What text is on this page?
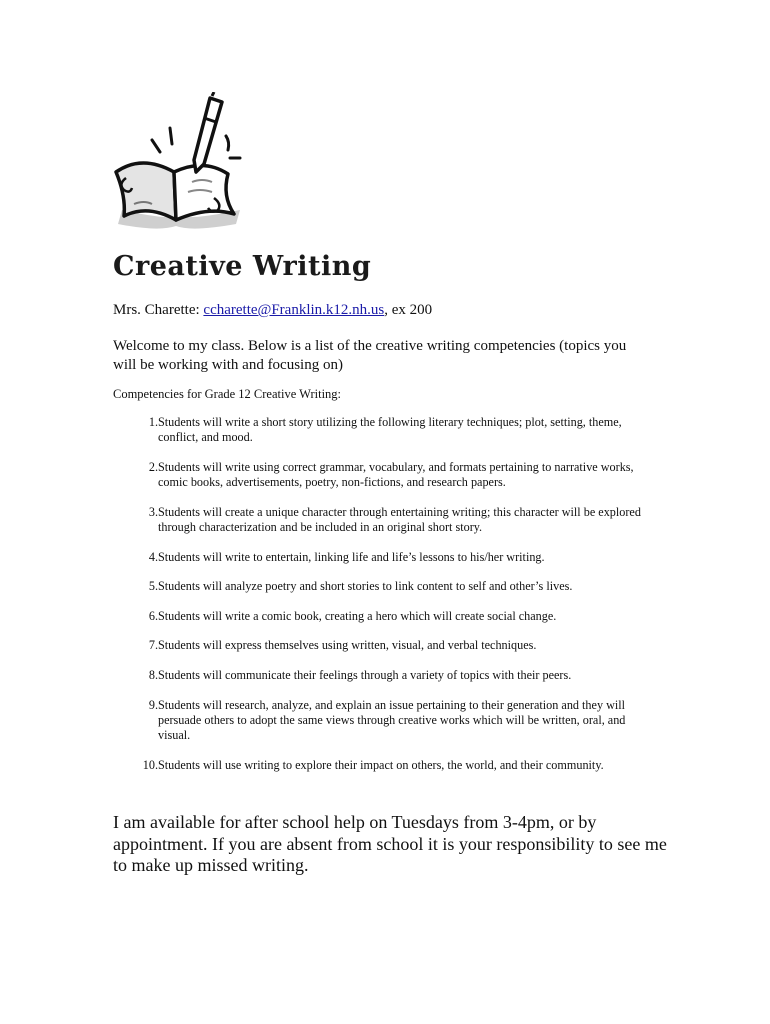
Creative Writing
Mrs. Charette: ccharette@Franklin.k12.nh.us, ex 200

Welcome to my class. Below is a list of the creative writing competencies (topics you will be working with and focusing on)

Competencies for Grade 12 Creative Writing:
1. Students will write a short story utilizing the following literary techniques; plot, setting, theme, conflict, and mood.
2. Students will write using correct grammar, vocabulary, and formats pertaining to narrative works, comic books, advertisements, poetry, non-fictions, and research papers.
3. Students will create a unique character through entertaining writing; this character will be explored through characterization and be included in an original short story.
4. Students will write to entertain, linking life and life’s lessons to his/her writing.
5. Students will analyze poetry and short stories to link content to self and other’s lives.
6. Students will write a comic book, creating a hero which will create social change.
7. Students will express themselves using written, visual, and verbal techniques.
8. Students will communicate their feelings through a variety of topics with their peers.
9. Students will research, analyze, and explain an issue pertaining to their generation and they will persuade others to adopt the same views through creative works which will be written, oral, and visual.
10. Students will use writing to explore their impact on others, the world, and their community.

I am available for after school help on Tuesdays from 3-4pm, or by appointment. If you are absent from school it is your responsibility to see me to make up missed writing.
